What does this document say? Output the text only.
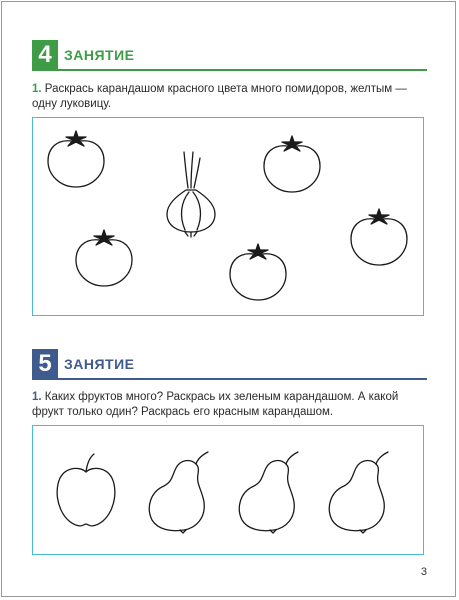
4 ЗАНЯТИЕ
1. Раскрась карандашом красного цвета много помидоров, желтым — одну луковицу.
5 ЗАНЯТИЕ
1. Каких фруктов много? Раскрась их зеленым карандашом. А какой фрукт только один? Раскрась его красным карандашом.
3
